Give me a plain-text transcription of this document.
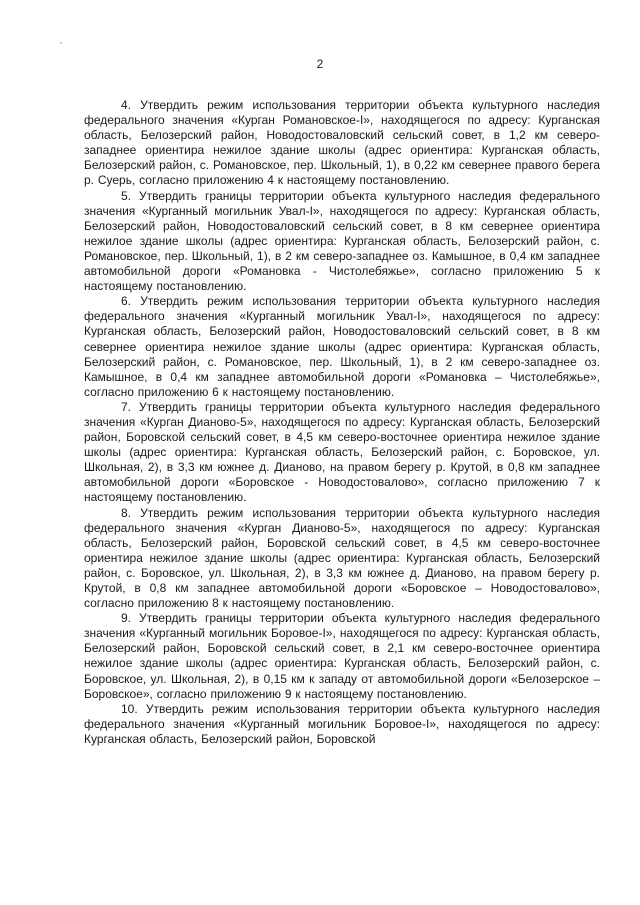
2

4. Утвердить режим использования территории объекта культурного наследия федерального значения «Курган Романовское-I», находящегося по адресу: Курганская область, Белозерский район, Новодостоваловский сельский совет, в 1,2 км северо-западнее ориентира нежилое здание школы (адрес ориентира: Курганская область, Белозерский район, с. Романовское, пер. Школьный, 1), в 0,22 км севернее правого берега р. Суерь, согласно приложению 4 к настоящему постановлению.

5. Утвердить границы территории объекта культурного наследия федерального значения «Курганный могильник Увал-I», находящегося по адресу: Курганская область, Белозерский район, Новодостоваловский сельский совет, в 8 км севернее ориентира нежилое здание школы (адрес ориентира: Курганская область, Белозерский район, с. Романовское, пер. Школьный, 1), в 2 км северо-западнее оз. Камышное, в 0,4 км западнее автомобильной дороги «Романовка - Чистолебяжье», согласно приложению 5 к настоящему постановлению.

6. Утвердить режим использования территории объекта культурного наследия федерального значения «Курганный могильник Увал-I», находящегося по адресу: Курганская область, Белозерский район, Новодостоваловский сельский совет, в 8 км севернее ориентира нежилое здание школы (адрес ориентира: Курганская область, Белозерский район, с. Романовское, пер. Школьный, 1), в 2 км северо-западнее оз. Камышное, в 0,4 км западнее автомобильной дороги «Романовка – Чистолебяжье», согласно приложению 6 к настоящему постановлению.

7. Утвердить границы территории объекта культурного наследия федерального значения «Курган Дианово-5», находящегося по адресу: Курганская область, Белозерский район, Боровской сельский совет, в 4,5 км северо-восточнее ориентира нежилое здание школы (адрес ориентира: Курганская область, Белозерский район, с. Боровское, ул. Школьная, 2), в 3,3 км южнее д. Дианово, на правом берегу р. Крутой, в 0,8 км западнее автомобильной дороги «Боровское - Новодостовалово», согласно приложению 7 к настоящему постановлению.

8. Утвердить режим использования территории объекта культурного наследия федерального значения «Курган Дианово-5», находящегося по адресу: Курганская область, Белозерский район, Боровской сельский совет, в 4,5 км северо-восточнее ориентира нежилое здание школы (адрес ориентира: Курганская область, Белозерский район, с. Боровское, ул. Школьная, 2), в 3,3 км южнее д. Дианово, на правом берегу р. Крутой, в 0,8 км западнее автомобильной дороги «Боровское – Новодостовалово», согласно приложению 8 к настоящему постановлению.

9. Утвердить границы территории объекта культурного наследия федерального значения «Курганный могильник Боровое-I», находящегося по адресу: Курганская область, Белозерский район, Боровской сельский совет, в 2,1 км северо-восточнее ориентира нежилое здание школы (адрес ориентира: Курганская область, Белозерский район, с. Боровское, ул. Школьная, 2), в 0,15 км к западу от автомобильной дороги «Белозерское – Боровское», согласно приложению 9 к настоящему постановлению.

10. Утвердить режим использования территории объекта культурного наследия федерального значения «Курганный могильник Боровое-I», находящегося по адресу: Курганская область, Белозерский район, Боровской
